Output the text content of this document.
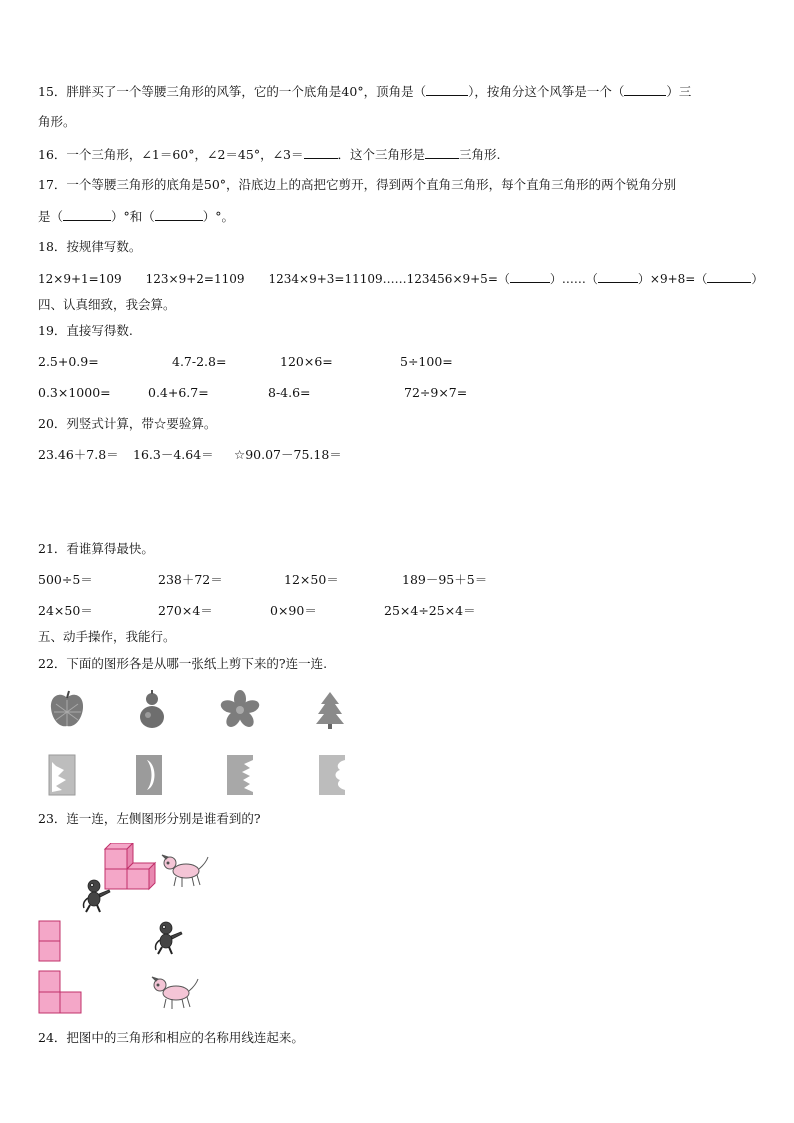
15．胖胖买了一个等腰三角形的风筝，它的一个底角是40°，顶角是（	），按角分这个风筝是一个（	）三
角形。
16．一个三角形，∠1＝60°，∠2＝45°，∠3＝	．这个三角形是	三角形.
17．一个等腰三角形的底角是50°，沿底边上的高把它剪开，得到两个直角三角形，每个直角三角形的两个锐角分别
是（	）°和（	）°。
18．按规律写数。
12×9+1=109　　123×9+2=1109　　1234×9+3=11109……123456×9+5=（	）……（	）×9+8=（	）
四、认真细致，我会算。
19．直接写得数.
2.5+0.9=	4.7-2.8=	120×6=	5÷100=
0.3×1000=	0.4+6.7=	8-4.6=	72÷9×7=
20．列竖式计算，带☆要验算。
23.46＋7.8＝ 16.3－4.64＝ ☆90.07－75.18＝
21．看谁算得最快。
500÷5＝	238＋72＝	12×50＝	189－95＋5＝
24×50＝	270×4＝	0×90＝	25×4÷25×4＝
五、动手操作，我能行。
22．下面的图形各是从哪一张纸上剪下来的?连一连.
23．连一连，左侧图形分别是谁看到的?
24．把图中的三角形和相应的名称用线连起来。
